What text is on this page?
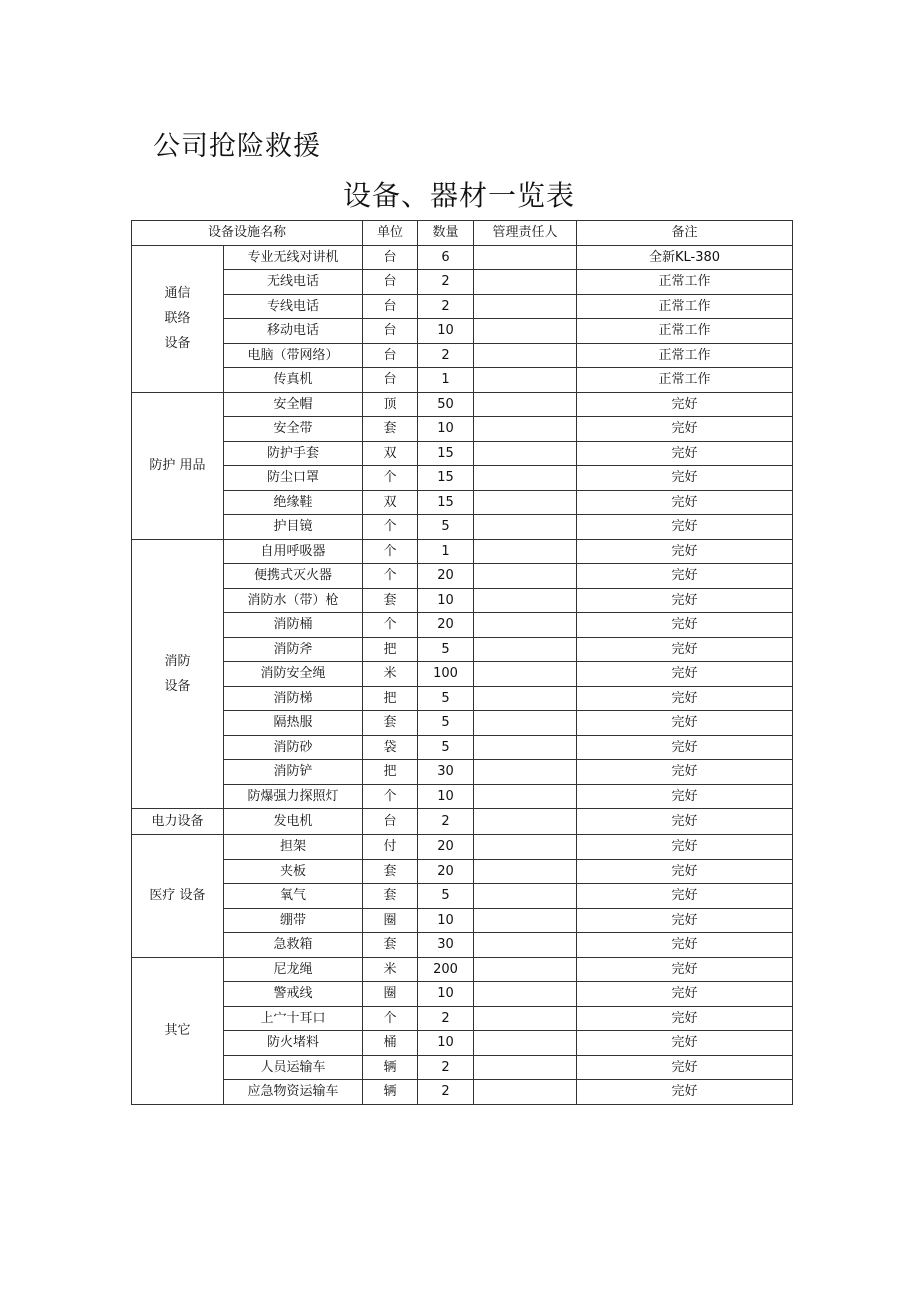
公司抢险救援
设备、器材一览表
设备设施名称		单位	数量	管理责任人	备注

通信
联络
设备	专业无线对讲机	台	6		全新KL-380
	无线电话	台	2		正常工作
	专线电话	台	2		正常工作
	移动电话	台	10		正常工作
	电脑（带网络）	台	2		正常工作
	传真机	台	1		正常工作

防护 用品	安全帽	顶	50		完好
	安全带	套	10		完好
	防护手套	双	15		完好
	防尘口罩	个	15		完好
	绝缘鞋	双	15		完好
	护目镜	个	5		完好

消防
设备	自用呼吸器	个	1		完好
	便携式灭火器	个	20		完好
	消防水（带）枪	套	10		完好
	消防桶	个	20		完好
	消防斧	把	5		完好
	消防安全绳	米	100		完好
	消防梯	把	5		完好
	隔热服	套	5		完好
	消防砂	袋	5		完好
	消防铲	把	30		完好
	防爆强力探照灯	个	10		完好

电力设备	发电机	台	2		完好

医疗 设备	担架	付	20		完好
	夹板	套	20		完好
	氧气	套	5		完好
	绷带	圈	10		完好
	急救箱	套	30		完好

其它	尼龙绳	米	200		完好
	警戒线	圈	10		完好
	上宀十耳口	个	2		完好
	防火堵料	桶	10		完好
	人员运输车	辆	2		完好
	应急物资运输车	辆	2		完好
